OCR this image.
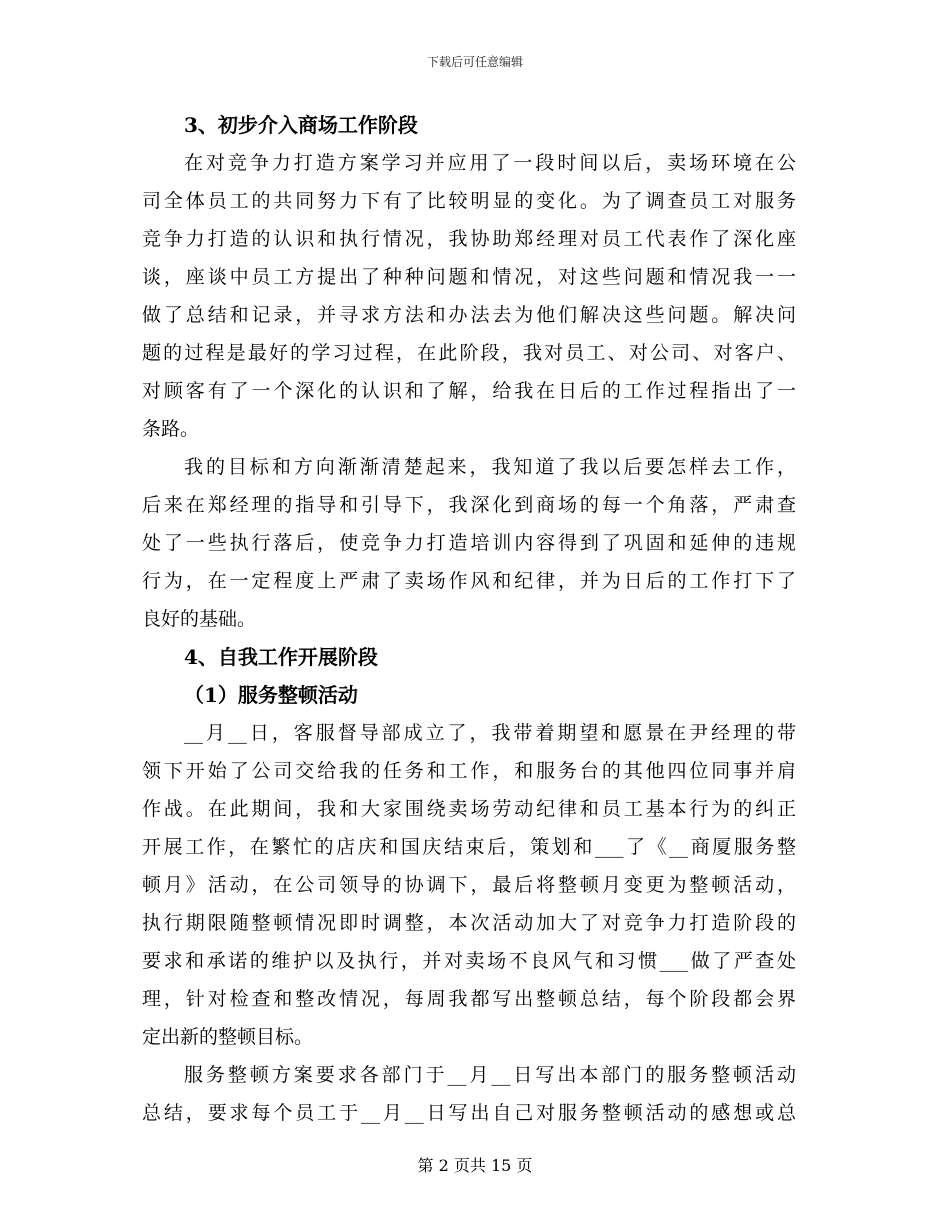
下载后可任意编辑
3、初步介入商场工作阶段
在对竞争力打造方案学习并应用了一段时间以后，卖场环境在公
司全体员工的共同努力下有了比较明显的变化。为了调查员工对服务
竞争力打造的认识和执行情况，我协助郑经理对员工代表作了深化座
谈，座谈中员工方提出了种种问题和情况，对这些问题和情况我一一
做了总结和记录，并寻求方法和办法去为他们解决这些问题。解决问
题的过程是最好的学习过程，在此阶段，我对员工、对公司、对客户、
对顾客有了一个深化的认识和了解，给我在日后的工作过程指出了一
条路。
我的目标和方向渐渐清楚起来，我知道了我以后要怎样去工作，
后来在郑经理的指导和引导下，我深化到商场的每一个角落，严肃查
处了一些执行落后，使竞争力打造培训内容得到了巩固和延伸的违规
行为，在一定程度上严肃了卖场作风和纪律，并为日后的工作打下了
良好的基础。
4、自我工作开展阶段
（1）服务整顿活动
__月__日，客服督导部成立了，我带着期望和愿景在尹经理的带
领下开始了公司交给我的任务和工作，和服务台的其他四位同事并肩
作战。在此期间，我和大家围绕卖场劳动纪律和员工基本行为的纠正
开展工作，在繁忙的店庆和国庆结束后，策划和___了《__商厦服务整
顿月》活动，在公司领导的协调下，最后将整顿月变更为整顿活动，
执行期限随整顿情况即时调整，本次活动加大了对竞争力打造阶段的
要求和承诺的维护以及执行，并对卖场不良风气和习惯___做了严查处
理，针对检查和整改情况，每周我都写出整顿总结，每个阶段都会界
定出新的整顿目标。
服务整顿方案要求各部门于__月__日写出本部门的服务整顿活动
总结，要求每个员工于__月__日写出自己对服务整顿活动的感想或总
第 2 页共 15 页
